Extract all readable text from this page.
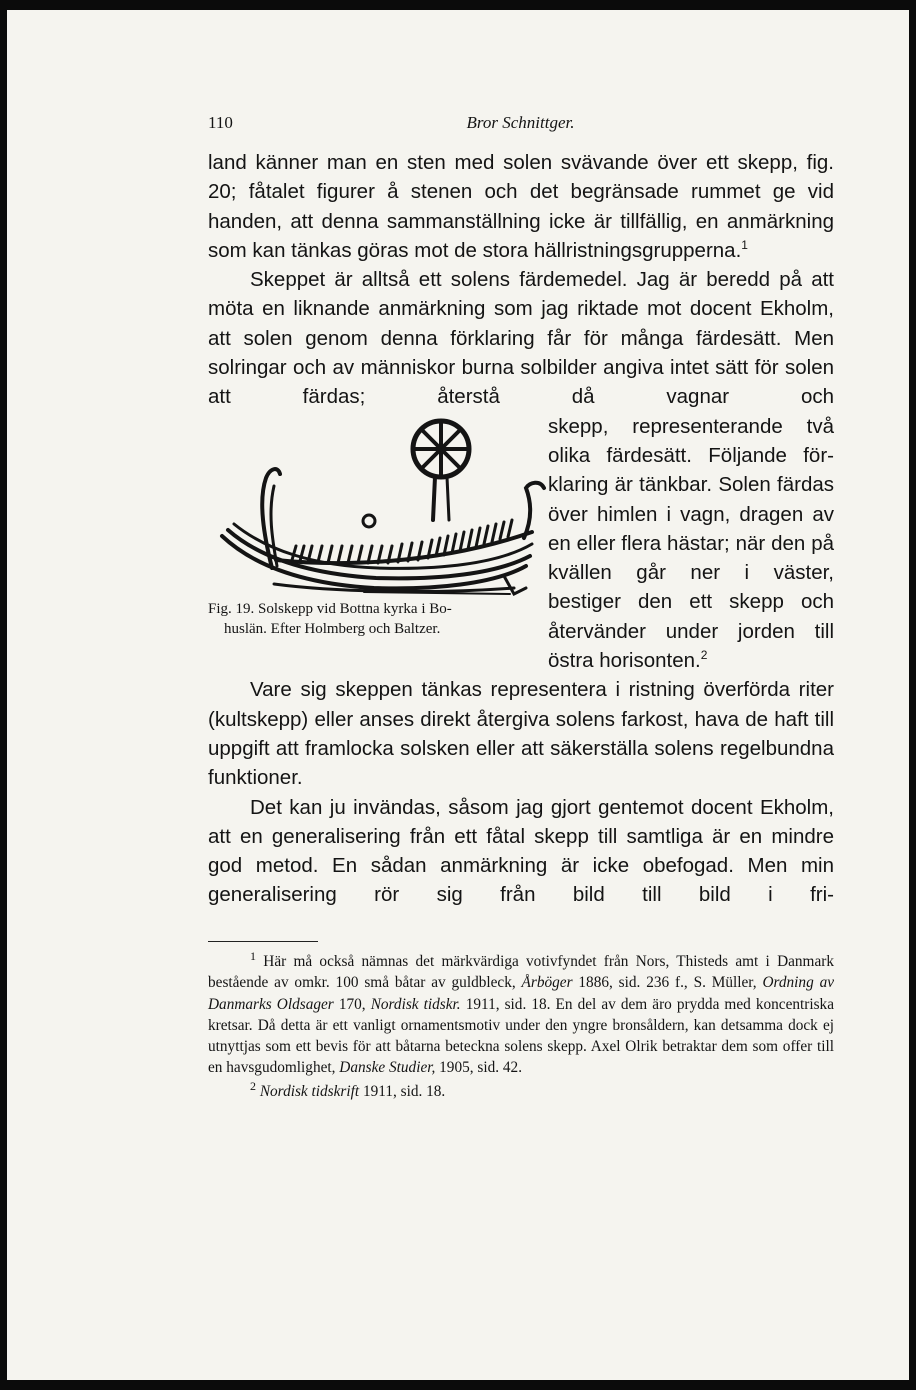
110	Bror Schnittger.

land känner man en sten med solen svävande över ett skepp, fig. 20; fåtalet figurer å stenen och det begränsade rummet ge vid handen, att denna sammanställning icke är tillfällig, en anmärkning som kan tänkas göras mot de stora hällristningsgrupperna.$^1$

Skeppet är alltså ett solens färdemedel. Jag är beredd på att möta en liknande anmärkning som jag riktade mot docent Ekholm, att solen genom denna förklaring får för många färdesätt. Men solringar och av människor burna solbilder angiva intet sätt för solen att färdas; återstå då vagnar och

Fig. 19. Solskepp vid Bottna kyrka i Bo-
huslän. Efter Holmberg och Baltzer.

skepp, representerande två olika färdesätt. Följande förklaring är tänkbar. Solen färdas över himlen i vagn, dragen av en eller flera hästar; när den på kvällen går ner i väster, bestiger den ett skepp och återvänder under jorden till östra horisonten.$^2$

Vare sig skeppen tänkas representera i ristning överförda riter (kultskepp) eller anses direkt återgiva solens farkost, hava de haft till uppgift att framlocka solsken eller att säkerställa solens regelbundna funktioner.

Det kan ju invändas, såsom jag gjort gentemot docent Ekholm, att en generalisering från ett fåtal skepp till samtliga är en mindre god metod. En sådan anmärkning är icke obefogad. Men min generalisering rör sig från bild till bild i fri-

$^1$ Här må också nämnas det märkvärdiga votivfyndet från Nors, Thisteds amt i Danmark bestående av omkr. 100 små båtar av guldbleck, Årböger 1886, sid. 236 f., S. Müller, Ordning av Danmarks Oldsager 170, Nordisk tidskr. 1911, sid. 18. En del av dem äro prydda med koncentriska kretsar. Då detta är ett vanligt ornamentsmotiv under den yngre bronsåldern, kan detsamma dock ej utnyttjas som ett bevis för att båtarna beteckna solens skepp. Axel Olrik betraktar dem som offer till en havsgudomlighet, Danske Studier, 1905, sid. 42.

$^2$ Nordisk tidskrift 1911, sid. 18.
